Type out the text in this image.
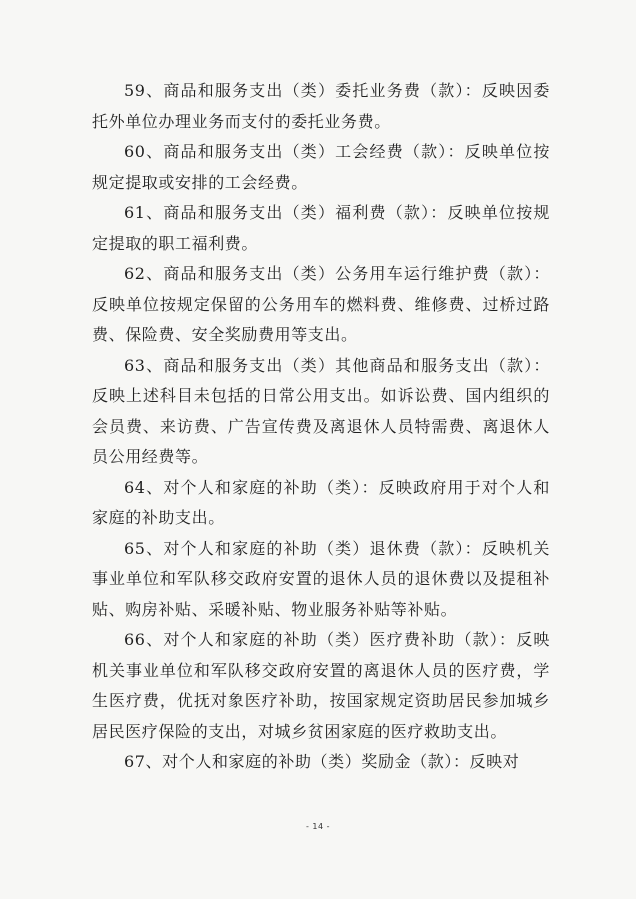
59、商品和服务支出（类）委托业务费（款）：反映因委托外单位办理业务而支付的委托业务费。

60、商品和服务支出（类）工会经费（款）：反映单位按规定提取或安排的工会经费。

61、商品和服务支出（类）福利费（款）：反映单位按规定提取的职工福利费。

62、商品和服务支出（类）公务用车运行维护费（款）：反映单位按规定保留的公务用车的燃料费、维修费、过桥过路费、保险费、安全奖励费用等支出。

63、商品和服务支出（类）其他商品和服务支出（款）：反映上述科目未包括的日常公用支出。如诉讼费、国内组织的会员费、来访费、广告宣传费及离退休人员特需费、离退休人员公用经费等。

64、对个人和家庭的补助（类）：反映政府用于对个人和家庭的补助支出。

65、对个人和家庭的补助（类）退休费（款）：反映机关事业单位和军队移交政府安置的退休人员的退休费以及提租补贴、购房补贴、采暖补贴、物业服务补贴等补贴。

66、对个人和家庭的补助（类）医疗费补助（款）：反映机关事业单位和军队移交政府安置的离退休人员的医疗费，学生医疗费，优抚对象医疗补助，按国家规定资助居民参加城乡居民医疗保险的支出，对城乡贫困家庭的医疗救助支出。

67、对个人和家庭的补助（类）奖励金（款）：反映对

- 14 -
